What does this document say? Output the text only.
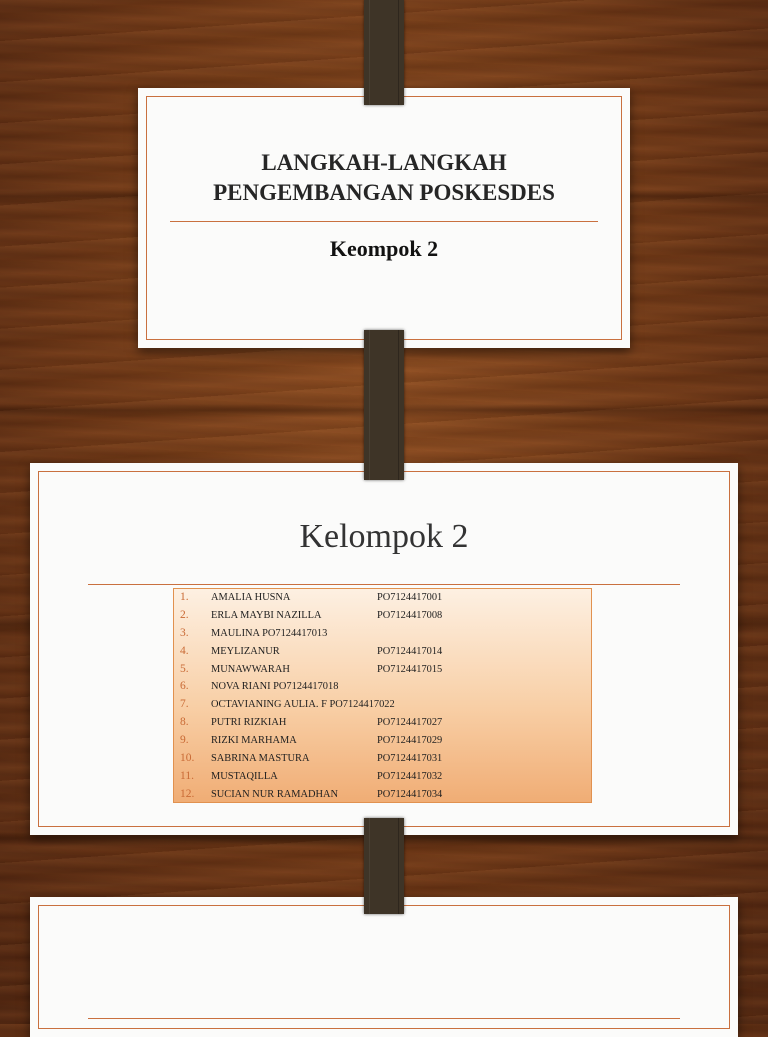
LANGKAH-LANGKAH
PENGEMBANGAN POSKESDES
Keompok 2
Kelompok 2
1.	AMALIA HUSNA	PO7124417001
2.	ERLA MAYBI NAZILLA	PO7124417008
3.	MAULINA PO7124417013
4.	MEYLIZANUR	PO7124417014
5.	MUNAWWARAH	PO7124417015
6.	NOVA RIANI PO7124417018
7.	OCTAVIANING AULIA. F PO7124417022
8.	PUTRI RIZKIAH	PO7124417027
9.	RIZKI MARHAMA	PO7124417029
10.	SABRINA MASTURA	PO7124417031
11.	MUSTAQILLA	PO7124417032
12.	SUCIAN NUR RAMADHAN	PO7124417034
